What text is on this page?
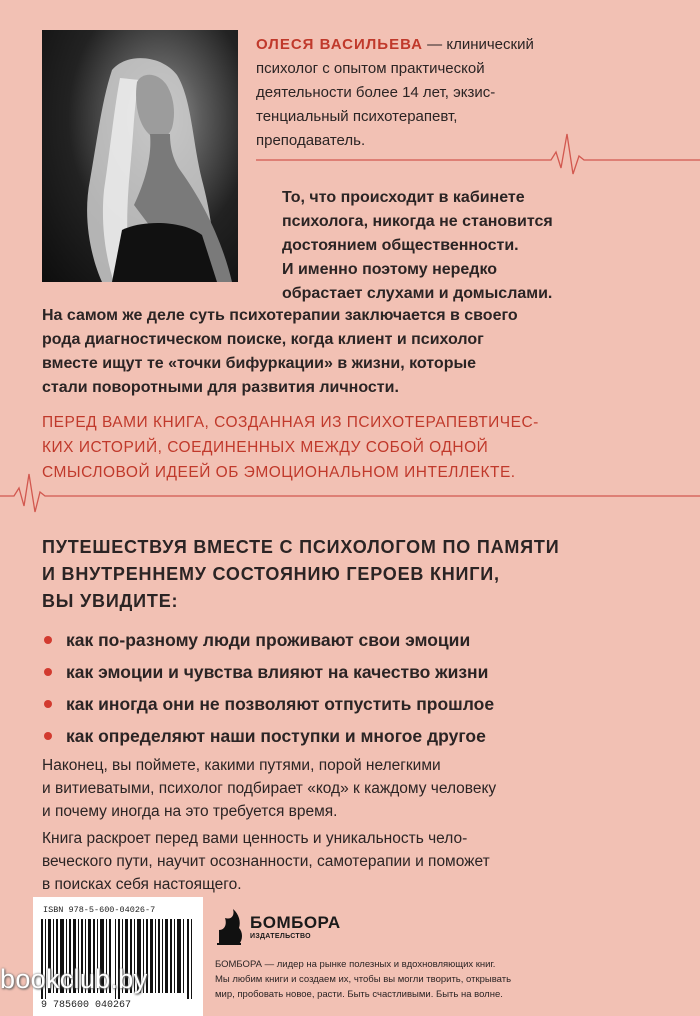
ОЛЕСЯ ВАСИЛЬЕВА — клинический
психолог с опытом практической
деятельности более 14 лет, экзис-
тенциальный психотерапевт,
преподаватель.
То, что происходит в кабинете
психолога, никогда не становится
достоянием общественности.
И именно поэтому нередко
обрастает слухами и домыслами.
На самом же деле суть психотерапии заключается в своего
рода диагностическом поиске, когда клиент и психолог
вместе ищут те «точки бифуркации» в жизни, которые
стали поворотными для развития личности.
ПЕРЕД ВАМИ КНИГА, СОЗДАННАЯ ИЗ ПСИХОТЕРАПЕВТИЧЕС-
КИХ ИСТОРИЙ, СОЕДИНЕННЫХ МЕЖДУ СОБОЙ ОДНОЙ
СМЫСЛОВОЙ ИДЕЕЙ ОБ ЭМОЦИОНАЛЬНОМ ИНТЕЛЛЕКТЕ.
ПУТЕШЕСТВУЯ ВМЕСТЕ С ПСИХОЛОГОМ ПО ПАМЯТИ
И ВНУТРЕННЕМУ СОСТОЯНИЮ ГЕРОЕВ КНИГИ,
ВЫ УВИДИТЕ:
как по-разному люди проживают свои эмоции
как эмоции и чувства влияют на качество жизни
как иногда они не позволяют отпустить прошлое
как определяют наши поступки и многое другое
Наконец, вы поймете, какими путями, порой нелегкими
и витиеватыми, психолог подбирает «код» к каждому человеку
и почему иногда на это требуется время.
Книга раскроет перед вами ценность и уникальность чело-
веческого пути, научит осознанности, самотерапии и поможет
в поисках себя настоящего.
ISBN 978-5-600-04026-7
9 785600 040267
bookclub.by
БОМБОРА
ИЗДАТЕЛЬСТВО
БОМБОРА — лидер на рынке полезных и вдохновляющих книг.
Мы любим книги и создаем их, чтобы вы могли творить, открывать
мир, пробовать новое, расти. Быть счастливыми. Быть на волне.
